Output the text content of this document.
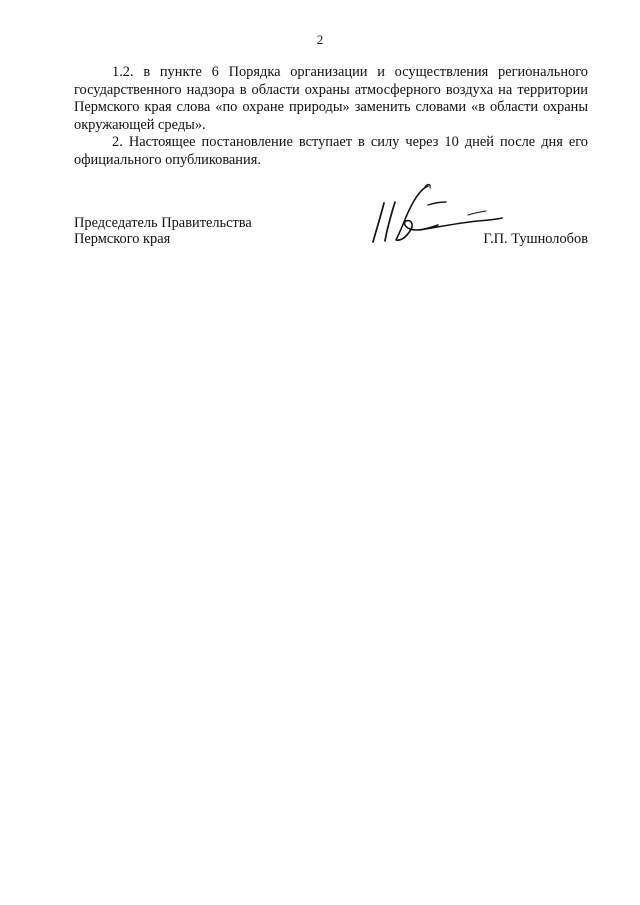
2

1.2. в пункте 6 Порядка организации и осуществления регионального государственного надзора в области охраны атмосферного воздуха на территории Пермского края слова «по охране природы» заменить словами «в области охраны окружающей среды».

2. Настоящее постановление вступает в силу через 10 дней после дня его официального опубликования.

Председатель Правительства
Пермского края	Г.П. Тушнолобов
